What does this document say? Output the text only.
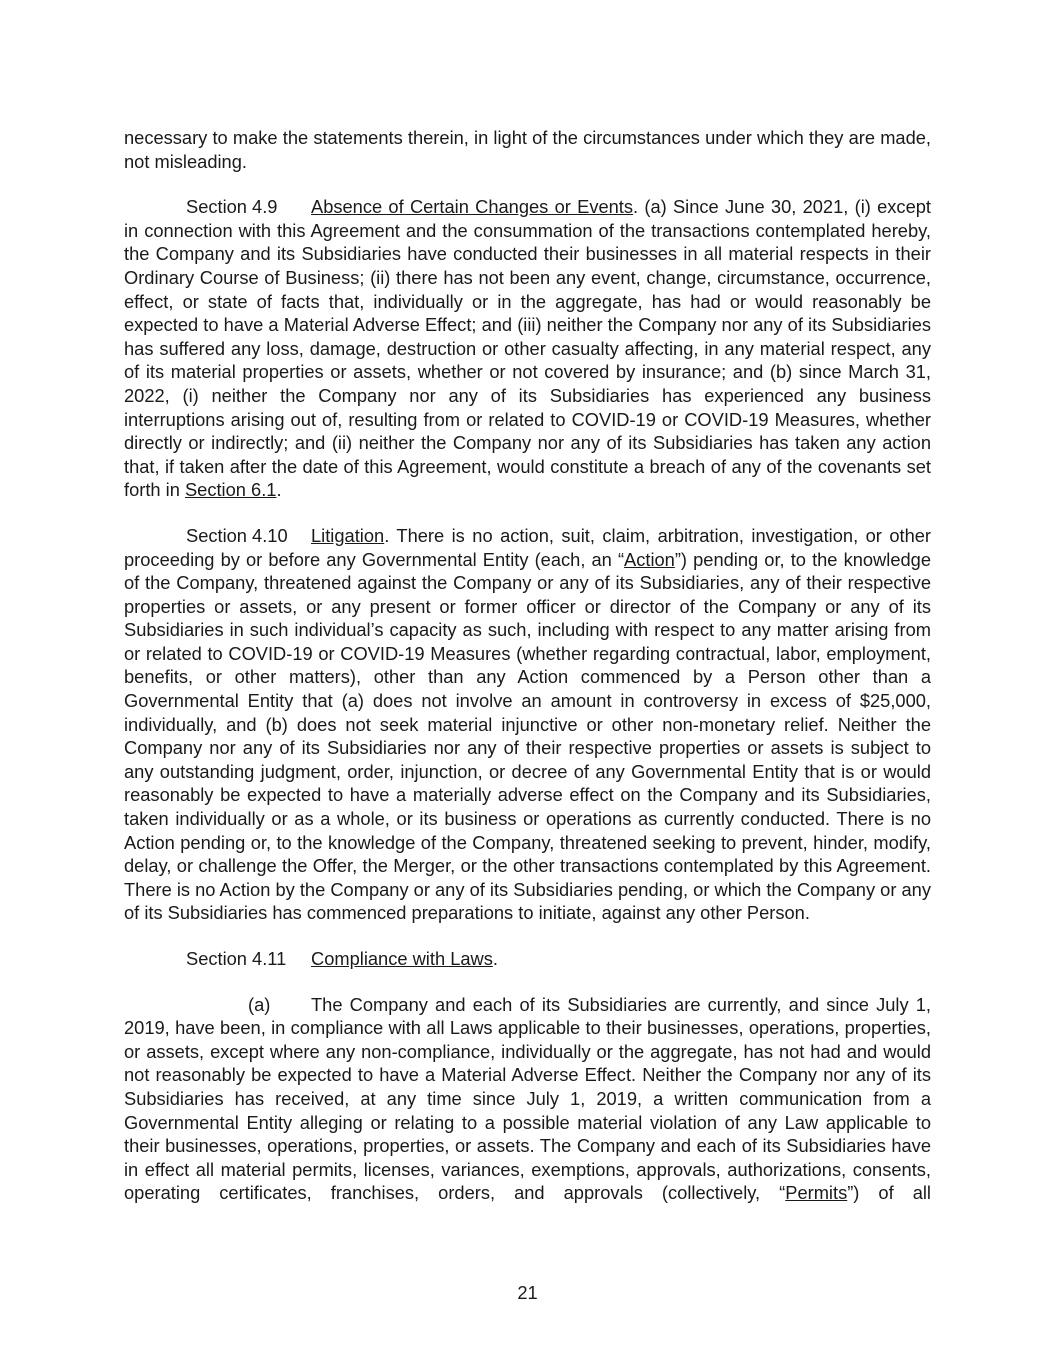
necessary to make the statements therein, in light of the circumstances under which they are made, not misleading.

Section 4.9 Absence of Certain Changes or Events. (a) Since June 30, 2021, (i) except in connection with this Agreement and the consummation of the transactions contemplated hereby, the Company and its Subsidiaries have conducted their businesses in all material respects in their Ordinary Course of Business; (ii) there has not been any event, change, circumstance, occurrence, effect, or state of facts that, individually or in the aggregate, has had or would reasonably be expected to have a Material Adverse Effect; and (iii) neither the Company nor any of its Subsidiaries has suffered any loss, damage, destruction or other casualty affecting, in any material respect, any of its material properties or assets, whether or not covered by insurance; and (b) since March 31, 2022, (i) neither the Company nor any of its Subsidiaries has experienced any business interruptions arising out of, resulting from or related to COVID-19 or COVID-19 Measures, whether directly or indirectly; and (ii) neither the Company nor any of its Subsidiaries has taken any action that, if taken after the date of this Agreement, would constitute a breach of any of the covenants set forth in Section 6.1.

Section 4.10 Litigation. There is no action, suit, claim, arbitration, investigation, or other proceeding by or before any Governmental Entity (each, an “Action”) pending or, to the knowledge of the Company, threatened against the Company or any of its Subsidiaries, any of their respective properties or assets, or any present or former officer or director of the Company or any of its Subsidiaries in such individual’s capacity as such, including with respect to any matter arising from or related to COVID-19 or COVID-19 Measures (whether regarding contractual, labor, employment, benefits, or other matters), other than any Action commenced by a Person other than a Governmental Entity that (a) does not involve an amount in controversy in excess of $25,000, individually, and (b) does not seek material injunctive or other non-monetary relief. Neither the Company nor any of its Subsidiaries nor any of their respective properties or assets is subject to any outstanding judgment, order, injunction, or decree of any Governmental Entity that is or would reasonably be expected to have a materially adverse effect on the Company and its Subsidiaries, taken individually or as a whole, or its business or operations as currently conducted. There is no Action pending or, to the knowledge of the Company, threatened seeking to prevent, hinder, modify, delay, or challenge the Offer, the Merger, or the other transactions contemplated by this Agreement. There is no Action by the Company or any of its Subsidiaries pending, or which the Company or any of its Subsidiaries has commenced preparations to initiate, against any other Person.

Section 4.11 Compliance with Laws.

(a) The Company and each of its Subsidiaries are currently, and since July 1, 2019, have been, in compliance with all Laws applicable to their businesses, operations, properties, or assets, except where any non-compliance, individually or the aggregate, has not had and would not reasonably be expected to have a Material Adverse Effect. Neither the Company nor any of its Subsidiaries has received, at any time since July 1, 2019, a written communication from a Governmental Entity alleging or relating to a possible material violation of any Law applicable to their businesses, operations, properties, or assets. The Company and each of its Subsidiaries have in effect all material permits, licenses, variances, exemptions, approvals, authorizations, consents, operating certificates, franchises, orders, and approvals (collectively, “Permits”) of all

21
